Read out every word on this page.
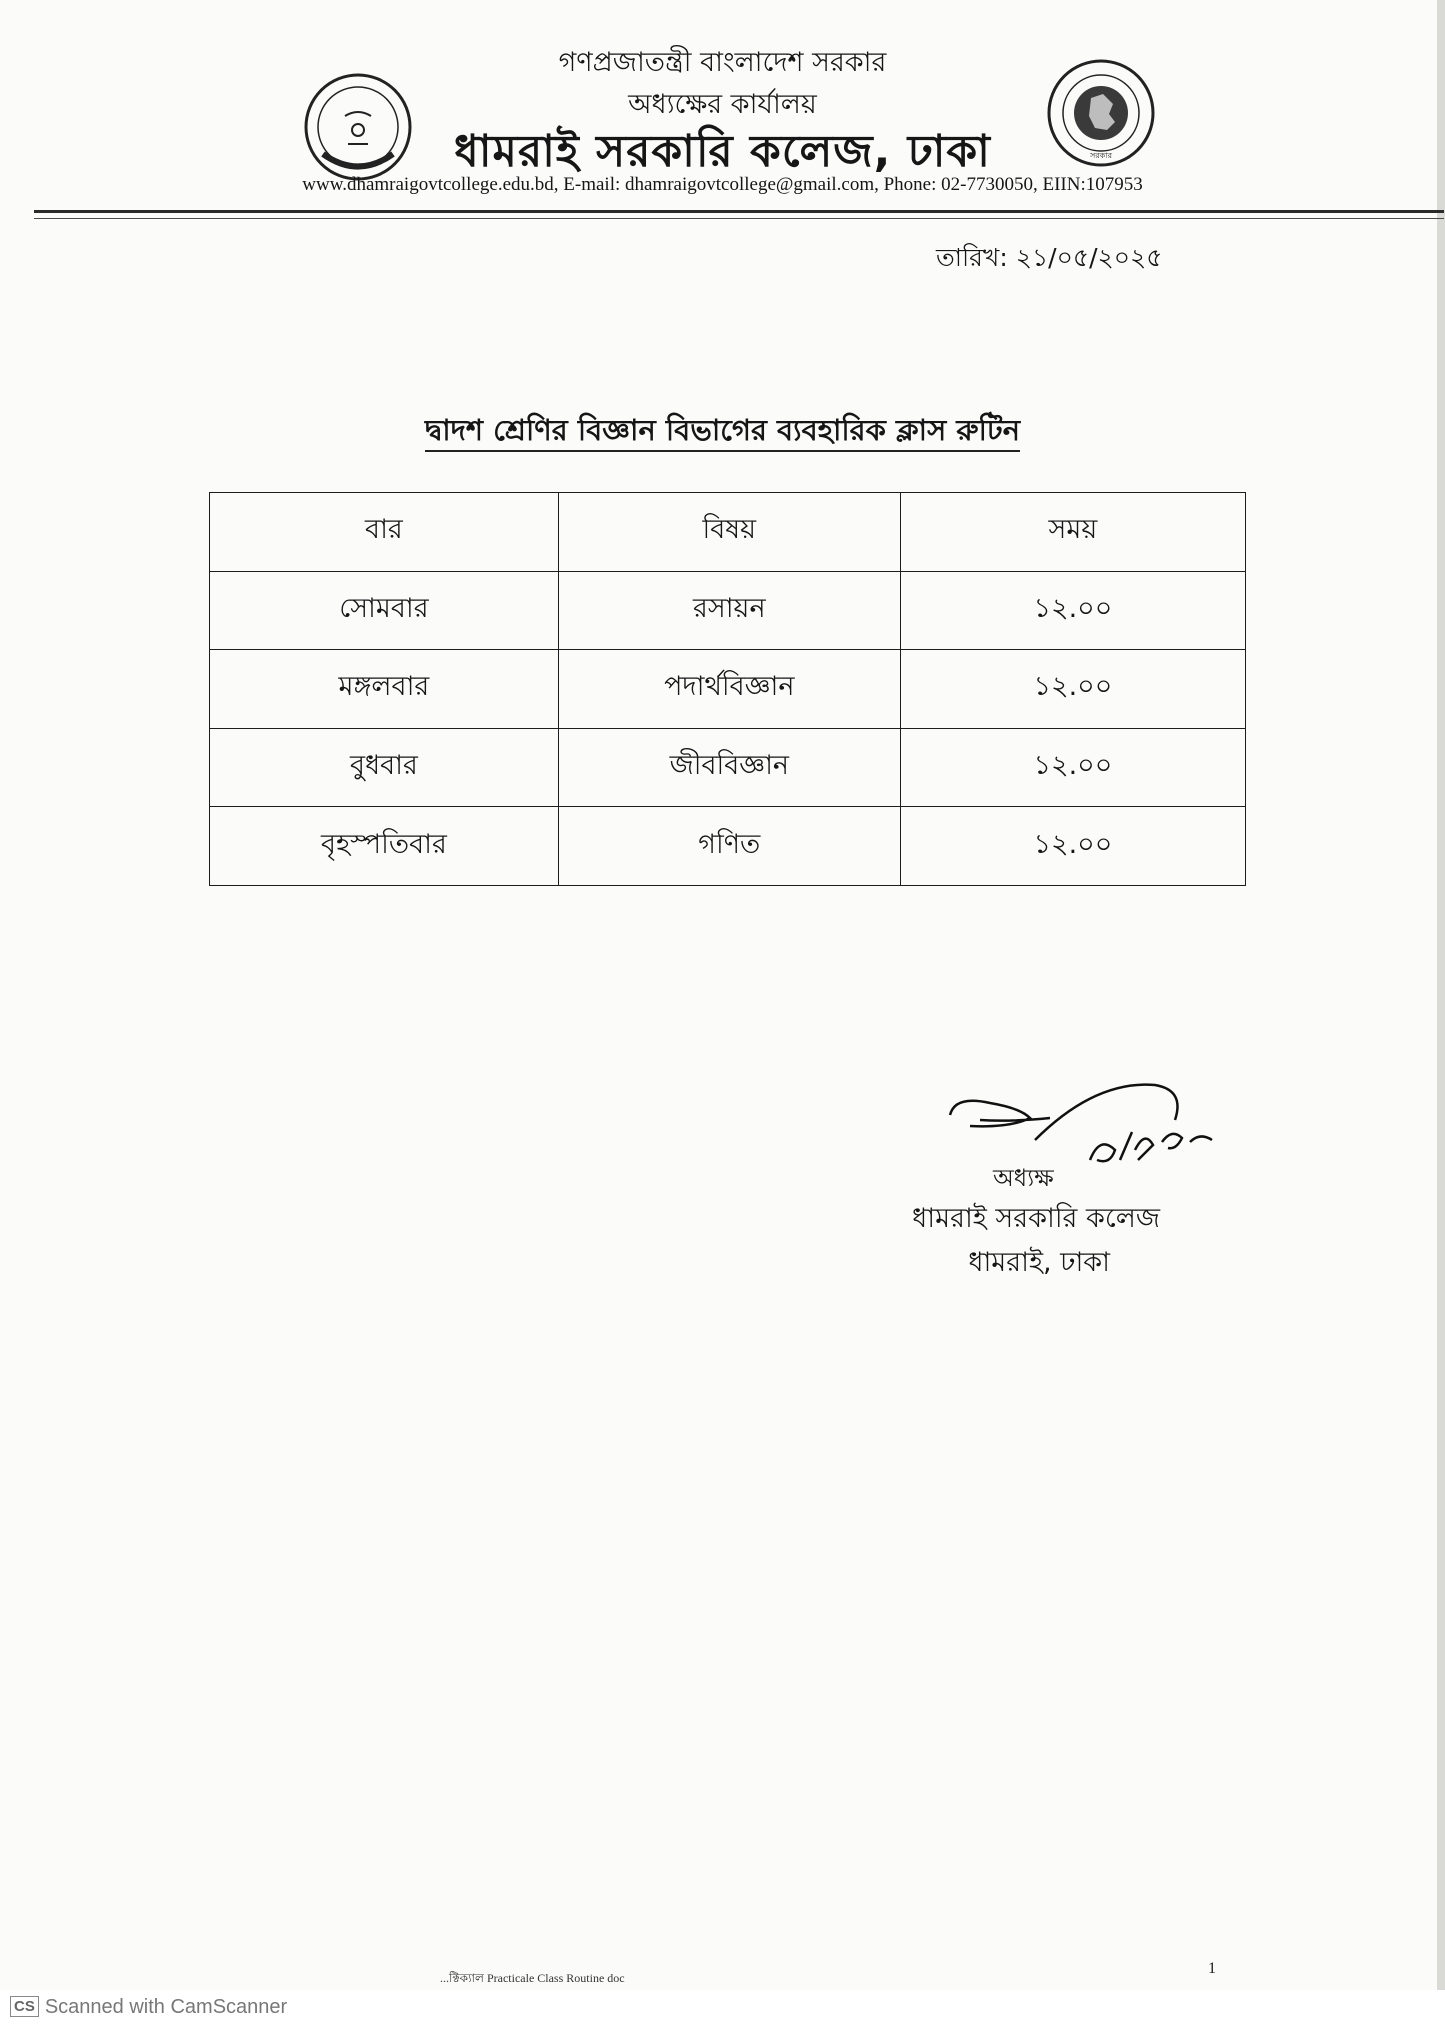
সরকার
গণপ্রজাতন্ত্রী বাংলাদেশ সরকার
অধ্যক্ষের কার্যালয়
ধামরাই সরকারি কলেজ, ঢাকা
www.dhamraigovtcollege.edu.bd, E-mail: dhamraigovtcollege@gmail.com, Phone: 02-7730050, EIIN:107953
তারিখ: ২১/০৫/২০২৫
দ্বাদশ শ্রেণির বিজ্ঞান বিভাগের ব্যবহারিক ক্লাস রুটিন
বার	বিষয়	সময়
সোমবার	রসায়ন	১২.০০
মঙ্গলবার	পদার্থবিজ্ঞান	১২.০০
বুধবার	জীববিজ্ঞান	১২.০০
বৃহস্পতিবার	গণিত	১২.০০
অধ্যক্ষ
ধামরাই সরকারি কলেজ
ধামরাই, ঢাকা
...ক্টিক্যাল Practicale Class Routine doc
1
CS Scanned with CamScanner
